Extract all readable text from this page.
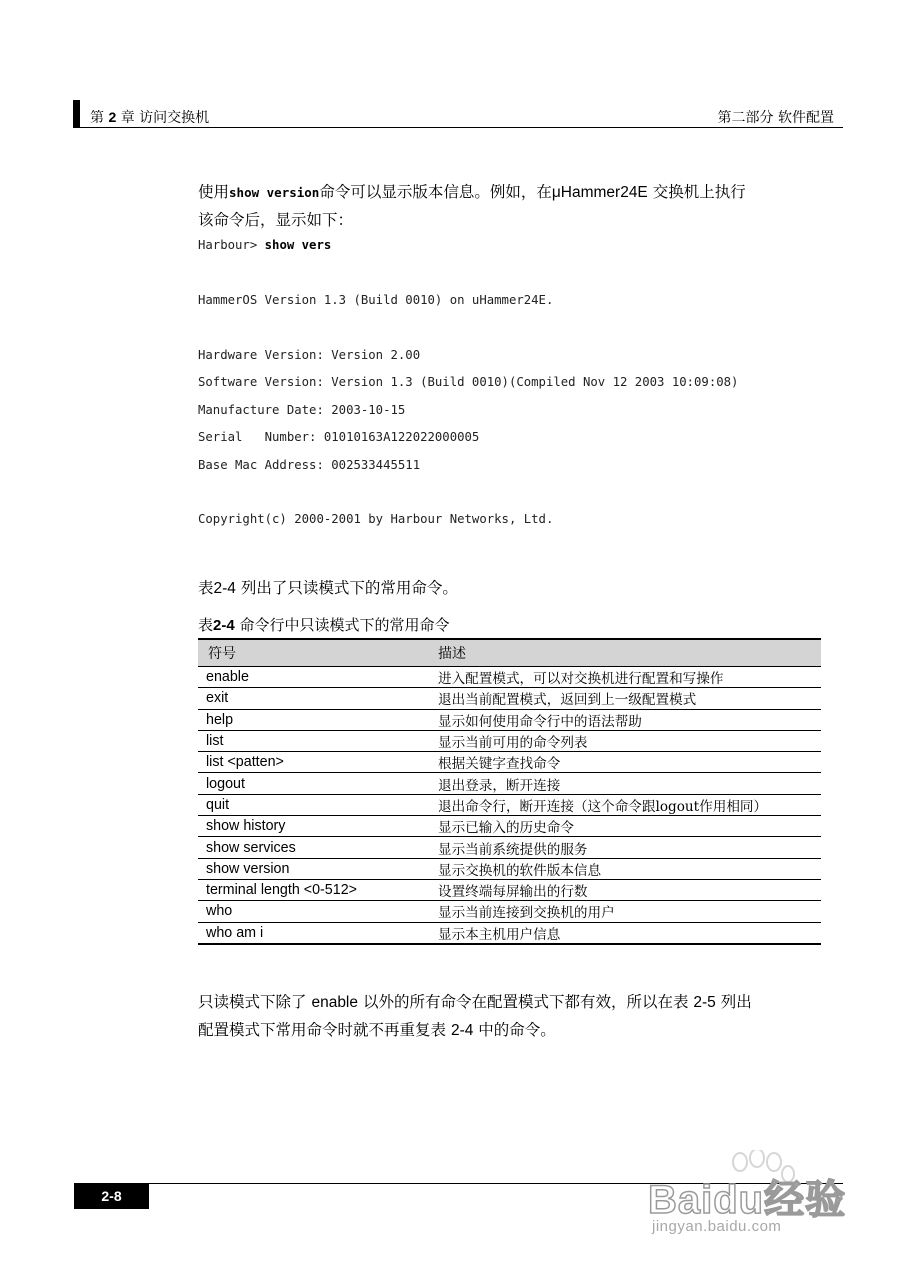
第 2 章 访问交换机	第二部分 软件配置
使用show version命令可以显示版本信息。例如，在μHammer24E 交换机上执行
该命令后，显示如下：
Harbour> show vers
HammerOS Version 1.3 (Build 0010) on uHammer24E.
Hardware Version: Version 2.00
Software Version: Version 1.3 (Build 0010)(Compiled Nov 12 2003 10:09:08)
Manufacture Date: 2003-10-15
Serial   Number: 01010163A122022000005
Base Mac Address: 002533445511
Copyright(c) 2000-2001 by Harbour Networks, Ltd.
表2-4 列出了只读模式下的常用命令。
表2-4 命令行中只读模式下的常用命令
符号	描述
enable	进入配置模式，可以对交换机进行配置和写操作
exit	退出当前配置模式，返回到上一级配置模式
help	显示如何使用命令行中的语法帮助
list	显示当前可用的命令列表
list <patten>	根据关键字查找命令
logout	退出登录，断开连接
quit	退出命令行，断开连接（这个命令跟logout作用相同）
show history	显示已输入的历史命令
show services	显示当前系统提供的服务
show version	显示交换机的软件版本信息
terminal length <0-512>	设置终端每屏输出的行数
who	显示当前连接到交换机的用户
who am i	显示本主机用户信息
只读模式下除了 enable 以外的所有命令在配置模式下都有效，所以在表 2-5 列出
配置模式下常用命令时就不再重复表 2-4 中的命令。
2-8	Baidu经验
jingyan.baidu.com
